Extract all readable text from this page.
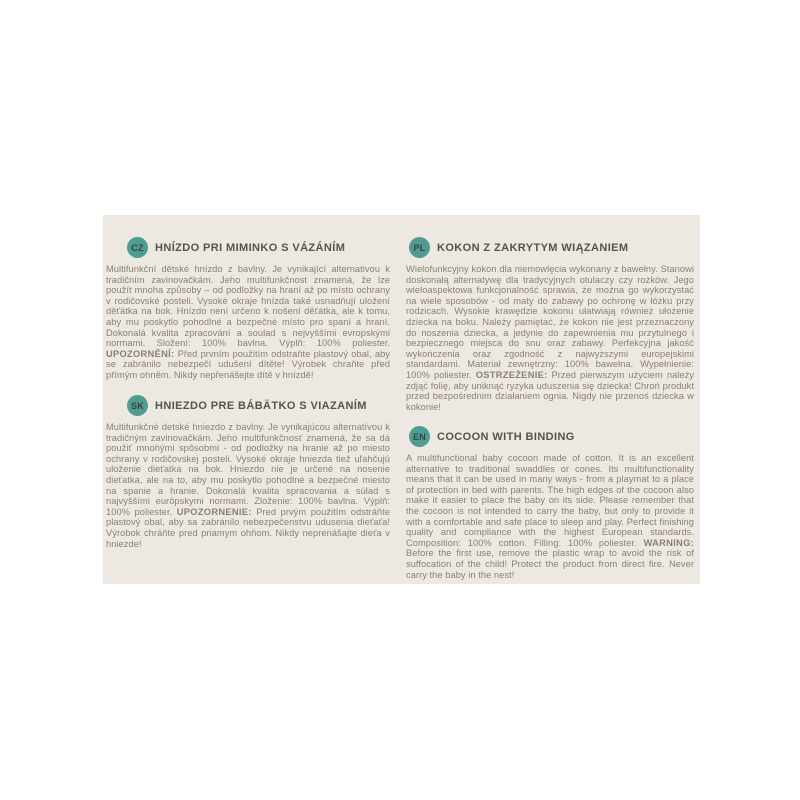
CZ	HNÍZDO PRI MIMINKO S VÁZÁNÍM

Multifunkční dětské hnízdo z bavlny. Je vynikající alternativou k tradičním zavinovačkám. Jeho multifunkčnost znamená, že lze použít mnoha způsoby – od podložky na hraní až po místo ochrany v rodičovské posteli. Vysoké okraje hnízda také usnadňují uložení děťátka na bok. Hnízdo není určeno k nošení děťátka, ale k tomu, aby mu poskytlo pohodlné a bezpečné místo pro spaní a hraní. Dokonalá kvalita zpracování a soulad s nejvyššími evropskými normami. Složení: 100% bavlna. Výplň: 100% poliester. UPOZORNĚNÍ: Před prvním použitím odstraňte plastový obal, aby se zabránilo nebezpečí udušení dítěte! Výrobek chraňte před přímým ohněm. Nikdy nepřenášejte dítě v hnízdě!

SK	HNIEZDO PRE BÁBÄTKO S VIAZANÍM

Multifunkčné detské hniezdo z bavlny. Je vynikajúcou alternatívou k tradičným zavinovačkám. Jeho multifunkčnosť znamená, že sa dá použiť mnohými spôsobmi - od podložky na hranie až po miesto ochrany v rodičovskej posteli. Vysoké okraje hniezda tiež uľahčujú uloženie dieťatka na bok. Hniezdo nie je určené na nosenie dieťatka, ale na to, aby mu poskytlo pohodlné a bezpečné miesto na spanie a hranie. Dokonalá kvalita spracovania a súlad s najvyššími európskymi normami. Zloženie: 100% bavlna. Výplň: 100% poliester. UPOZORNENIE: Pred prvým použitím odstráňte plastový obal, aby sa zabránilo nebezpečenstvu udusenia dieťaťa! Výrobok chráňte pred priamym ohňom. Nikdy neprenášajte dieťa v hniezde!

PL	KOKON Z ZAKRYTYM WIĄZANIEM

Wielofunkcyjny kokon dla niemowlęcia wykonany z bawełny. Stanowi doskonałą alternatywę dla tradycyjnych otulaczy czy rożków. Jego wieloaspektowa funkcjonalność sprawia, że można go wykorzystać na wiele sposobów - od maty do zabawy po ochronę w łóżku przy rodzicach. Wysokie krawędzie kokonu ułatwiają również ułożenie dziecka na boku. Należy pamiętać, że kokon nie jest przeznaczony do noszenia dziecka, a jedynie do zapewnienia mu przytulnego i bezpiecznego miejsca do snu oraz zabawy. Perfekcyjna jakość wykończenia oraz zgodność z najwyższymi europejskimi standardami. Materiał zewnętrzny: 100% bawełna. Wypełnienie: 100% poliester. OSTRZEŻENIE: Przed pierwszym użyciem należy zdjąć folię, aby uniknąć ryzyka uduszenia się dziecka! Chroń produkt przed bezpośrednim działaniem ognia. Nigdy nie przenoś dziecka w kokonie!

EN	COCOON WITH BINDING

A multifunctional baby cocoon made of cotton. It is an excellent alternative to traditional swaddles or cones. Its multifunctionality means that it can be used in many ways - from a playmat to a place of protection in bed with parents. The high edges of the cocoon also make it easier to place the baby on its side. Please remember that the cocoon is not intended to carry the baby, but only to provide it with a comfortable and safe place to sleep and play. Perfect finishing quality and compliance with the highest European standards. Composition: 100% cotton. Filling: 100% poliester. WARNING: Before the first use, remove the plastic wrap to avoid the risk of suffocation of the child! Protect the product from direct fire. Never carry the baby in the nest!
